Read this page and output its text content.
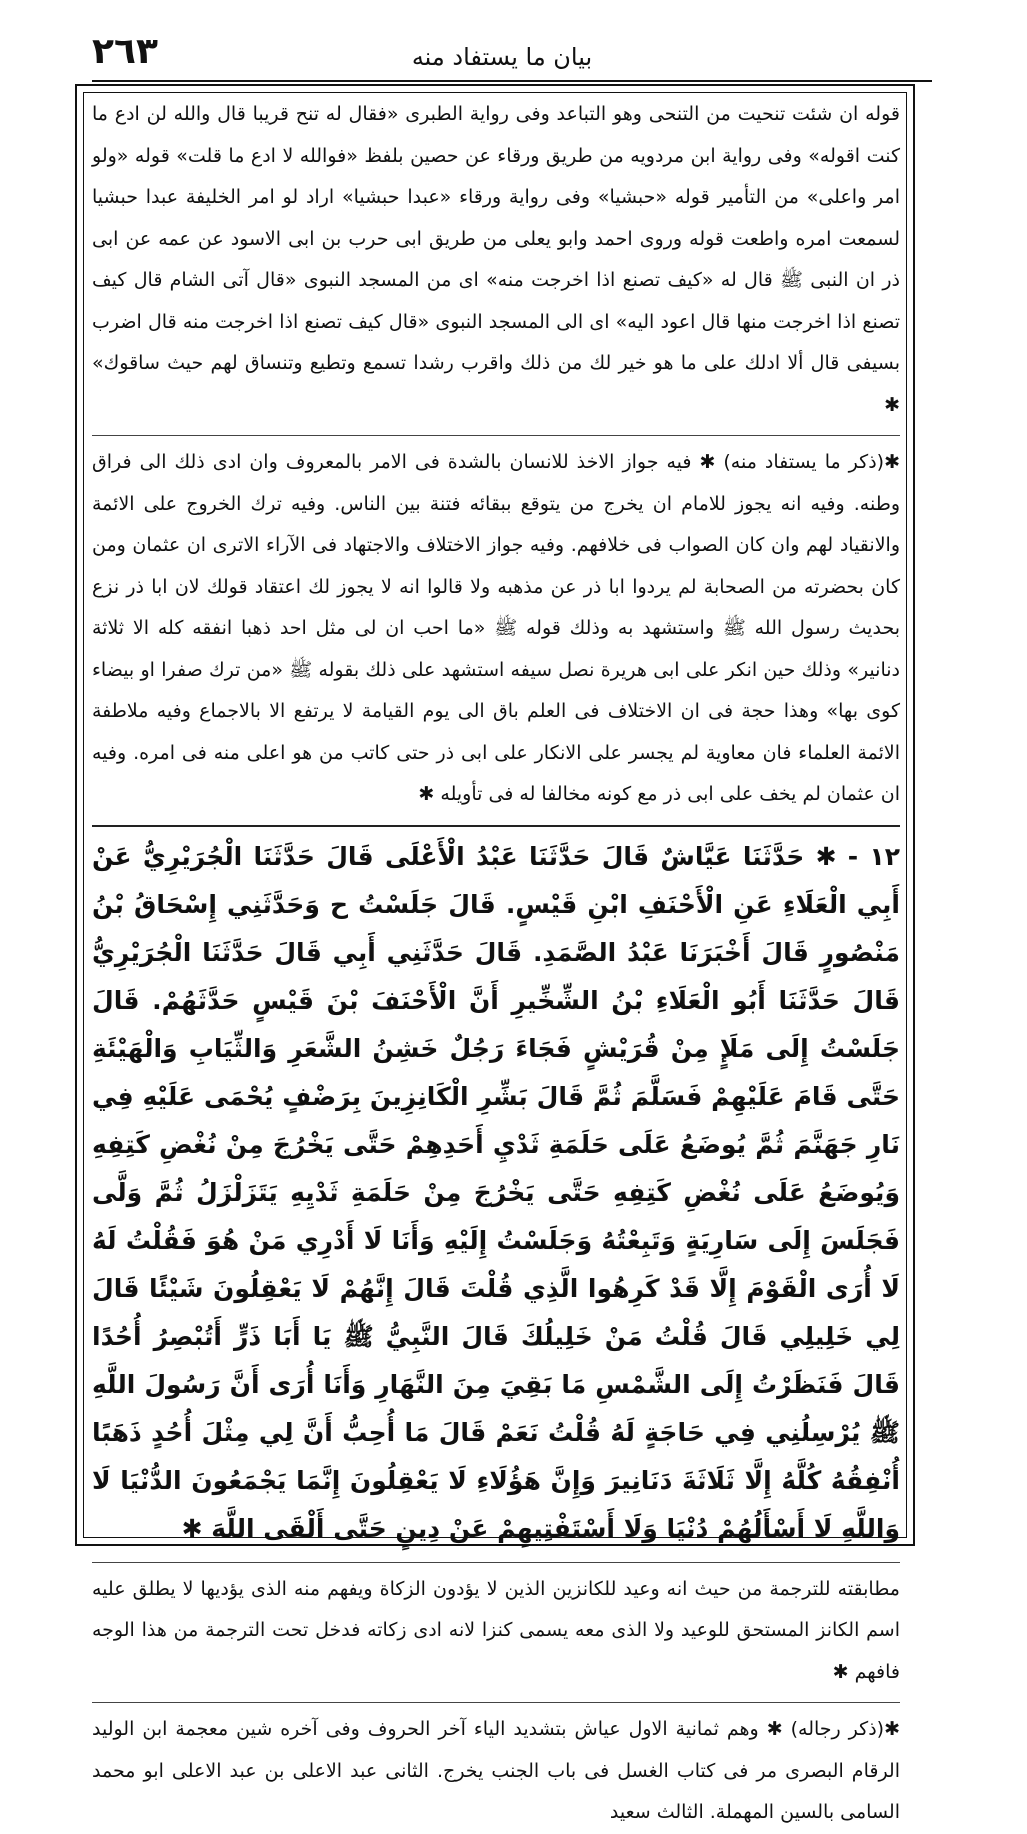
٢٦٣	بيان ما يستفاد منه

قوله ان شئت تنحيت من التنحى وهو التباعد وفى رواية الطبرى «فقال له تنح قريبا قال والله لن ادع ما كنت اقوله» وفى رواية ابن مردويه من طريق ورقاء عن حصين بلفظ «فوالله لا ادع ما قلت» قوله «ولو امر واعلى» من التأمير قوله «حبشيا» وفى رواية ورقاء «عبدا حبشيا» اراد لو امر الخليفة عبدا حبشيا لسمعت امره واطعت قوله وروى احمد وابو يعلى من طريق ابى حرب بن ابى الاسود عن عمه عن ابى ذر ان النبى ﷺ قال له «كيف تصنع اذا اخرجت منه» اى من المسجد النبوى «قال آتى الشام قال كيف تصنع اذا اخرجت منها قال اعود اليه» اى الى المسجد النبوى «قال كيف تصنع اذا اخرجت منه قال اضرب بسيفى قال ألا ادلك على ما هو خير لك من ذلك واقرب رشدا تسمع وتطيع وتنساق لهم حيث ساقوك» ✱

✱(ذكر ما يستفاد منه) ✱ فيه جواز الاخذ للانسان بالشدة فى الامر بالمعروف وان ادى ذلك الى فراق وطنه. وفيه انه يجوز للامام ان يخرج من يتوقع ببقائه فتنة بين الناس. وفيه ترك الخروج على الائمة والانقياد لهم وان كان الصواب فى خلافهم. وفيه جواز الاختلاف والاجتهاد فى الآراء الاترى ان عثمان ومن كان بحضرته من الصحابة لم يردوا ابا ذر عن مذهبه ولا قالوا انه لا يجوز لك اعتقاد قولك لان ابا ذر نزع بحديث رسول الله ﷺ واستشهد به وذلك قوله ﷺ «ما احب ان لى مثل احد ذهبا انفقه كله الا ثلاثة دنانير» وذلك حين انكر على ابى هريرة نصل سيفه استشهد على ذلك بقوله ﷺ «من ترك صفرا او بيضاء كوى بها» وهذا حجة فى ان الاختلاف فى العلم باق الى يوم القيامة لا يرتفع الا بالاجماع وفيه ملاطفة الائمة العلماء فان معاوية لم يجسر على الانكار على ابى ذر حتى كاتب من هو اعلى منه فى امره. وفيه ان عثمان لم يخف على ابى ذر مع كونه مخالفا له فى تأويله ✱

١٢ - ✱ حَدَّثَنَا عَيَّاشٌ قَالَ حَدَّثَنَا عَبْدُ الْأَعْلَى قَالَ حَدَّثَنَا الْجُرَيْرِيُّ عَنْ أَبِي الْعَلَاءِ عَنِ الْأَحْنَفِ ابْنِ قَيْسٍ. قَالَ جَلَسْتُ ح وَحَدَّثَنِي إِسْحَاقُ بْنُ مَنْصُورٍ قَالَ أَخْبَرَنَا عَبْدُ الصَّمَدِ. قَالَ حَدَّثَنِي أَبِي قَالَ حَدَّثَنَا الْجُرَيْرِيُّ قَالَ حَدَّثَنَا أَبُو الْعَلَاءِ بْنُ الشِّخِّيرِ أَنَّ الْأَحْنَفَ بْنَ قَيْسٍ حَدَّثَهُمْ. قَالَ جَلَسْتُ إِلَى مَلَإٍ مِنْ قُرَيْشٍ فَجَاءَ رَجُلٌ خَشِنُ الشَّعَرِ وَالثِّيَابِ وَالْهَيْئَةِ حَتَّى قَامَ عَلَيْهِمْ فَسَلَّمَ ثُمَّ قَالَ بَشِّرِ الْكَانِزِينَ بِرَضْفٍ يُحْمَى عَلَيْهِ فِي نَارِ جَهَنَّمَ ثُمَّ يُوضَعُ عَلَى حَلَمَةِ ثَدْيِ أَحَدِهِمْ حَتَّى يَخْرُجَ مِنْ نُغْضِ كَتِفِهِ وَيُوضَعُ عَلَى نُغْضِ كَتِفِهِ حَتَّى يَخْرُجَ مِنْ حَلَمَةِ ثَدْيِهِ يَتَزَلْزَلُ ثُمَّ وَلَّى فَجَلَسَ إِلَى سَارِيَةٍ وَتَبِعْتُهُ وَجَلَسْتُ إِلَيْهِ وَأَنَا لَا أَدْرِي مَنْ هُوَ فَقُلْتُ لَهُ لَا أُرَى الْقَوْمَ إِلَّا قَدْ كَرِهُوا الَّذِي قُلْتَ قَالَ إِنَّهُمْ لَا يَعْقِلُونَ شَيْئًا قَالَ لِي خَلِيلِي قَالَ قُلْتُ مَنْ خَلِيلُكَ قَالَ النَّبِيُّ ﷺ يَا أَبَا ذَرٍّ أَتُبْصِرُ أُحُدًا قَالَ فَنَظَرْتُ إِلَى الشَّمْسِ مَا بَقِيَ مِنَ النَّهَارِ وَأَنَا أُرَى أَنَّ رَسُولَ اللَّهِ ﷺ يُرْسِلُنِي فِي حَاجَةٍ لَهُ قُلْتُ نَعَمْ قَالَ مَا أُحِبُّ أَنَّ لِي مِثْلَ أُحُدٍ ذَهَبًا أُنْفِقُهُ كُلَّهُ إِلَّا ثَلَاثَةَ دَنَانِيرَ وَإِنَّ هَؤُلَاءِ لَا يَعْقِلُونَ إِنَّمَا يَجْمَعُونَ الدُّنْيَا لَا وَاللَّهِ لَا أَسْأَلُهُمْ دُنْيَا وَلَا أَسْتَفْتِيهِمْ عَنْ دِينٍ حَتَّى أَلْقَى اللَّهَ ✱

مطابقته للترجمة من حيث انه وعيد للكانزين الذين لا يؤدون الزكاة ويفهم منه الذى يؤديها لا يطلق عليه اسم الكانز المستحق للوعيد ولا الذى معه يسمى كنزا لانه ادى زكاته فدخل تحت الترجمة من هذا الوجه فافهم ✱

✱(ذكر رجاله) ✱ وهم ثمانية الاول عياش بتشديد الياء آخر الحروف وفى آخره شين معجمة ابن الوليد الرقام البصرى مر فى كتاب الغسل فى باب الجنب يخرج. الثانى عبد الاعلى بن عبد الاعلى ابو محمد السامى بالسين المهملة. الثالث سعيد
